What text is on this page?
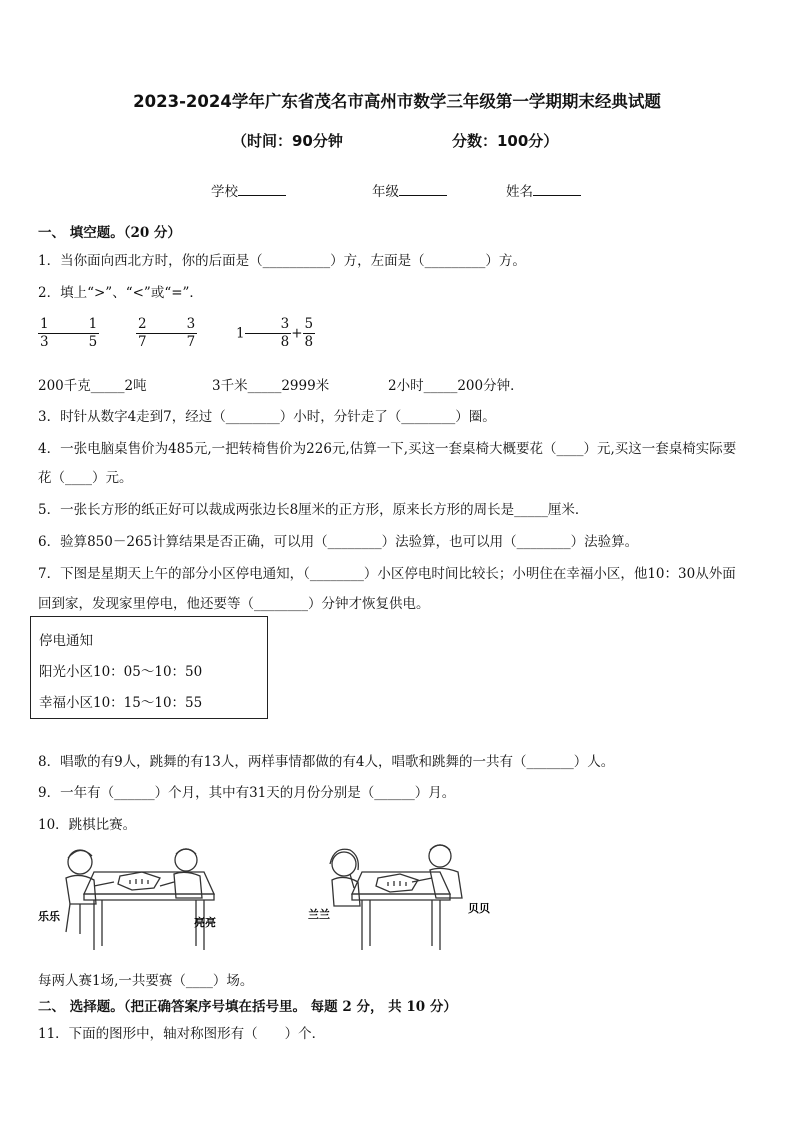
2023-2024学年广东省茂名市高州市数学三年级第一学期期末经典试题
（时间：90分钟	分数：100分）
学校	年级	姓名
一、 填空题。（20 分）
1．当你面向西北方时，你的后面是（__________）方，左面是（_________）方。
2．填上“>”、“<”或“=”．
$\frac{1}{3}$	$\frac{1}{5}$	$\frac{2}{7}$	$\frac{3}{7}$	1	$\frac{3}{8} + \frac{5}{8}$
200千克_____2吨	3千米_____2999米	2小时_____200分钟．
3．时针从数字4走到7，经过（________）小时，分针走了（________）圈。
4．一张电脑桌售价为485元,一把转椅售价为226元,估算一下,买这一套桌椅大概要花（____）元,买这一套桌椅实际要
花（____）元。
5．一张长方形的纸正好可以裁成两张边长8厘米的正方形，原来长方形的周长是_____厘米．
6．验算850－265计算结果是否正确，可以用（________）法验算，也可以用（________）法验算。
7．下图是星期天上午的部分小区停电通知，（________）小区停电时间比较长；小明住在幸福小区，他10：30从外面
回到家，发现家里停电，他还要等（________）分钟才恢复供电。
停电通知
阳光小区10：05～10：50
幸福小区10：15～10：55
8．唱歌的有9人，跳舞的有13人，两样事情都做的有4人，唱歌和跳舞的一共有（_______）人。
9．一年有（______）个月，其中有31天的月份分别是（______）月。
10．跳棋比赛。
乐乐	亮亮
兰兰	贝贝
每两人赛1场,一共要赛（____）场。
二、 选择题。（把正确答案序号填在括号里。 每题 2 分， 共 10 分）
11．下面的图形中，轴对称图形有（　　）个．
